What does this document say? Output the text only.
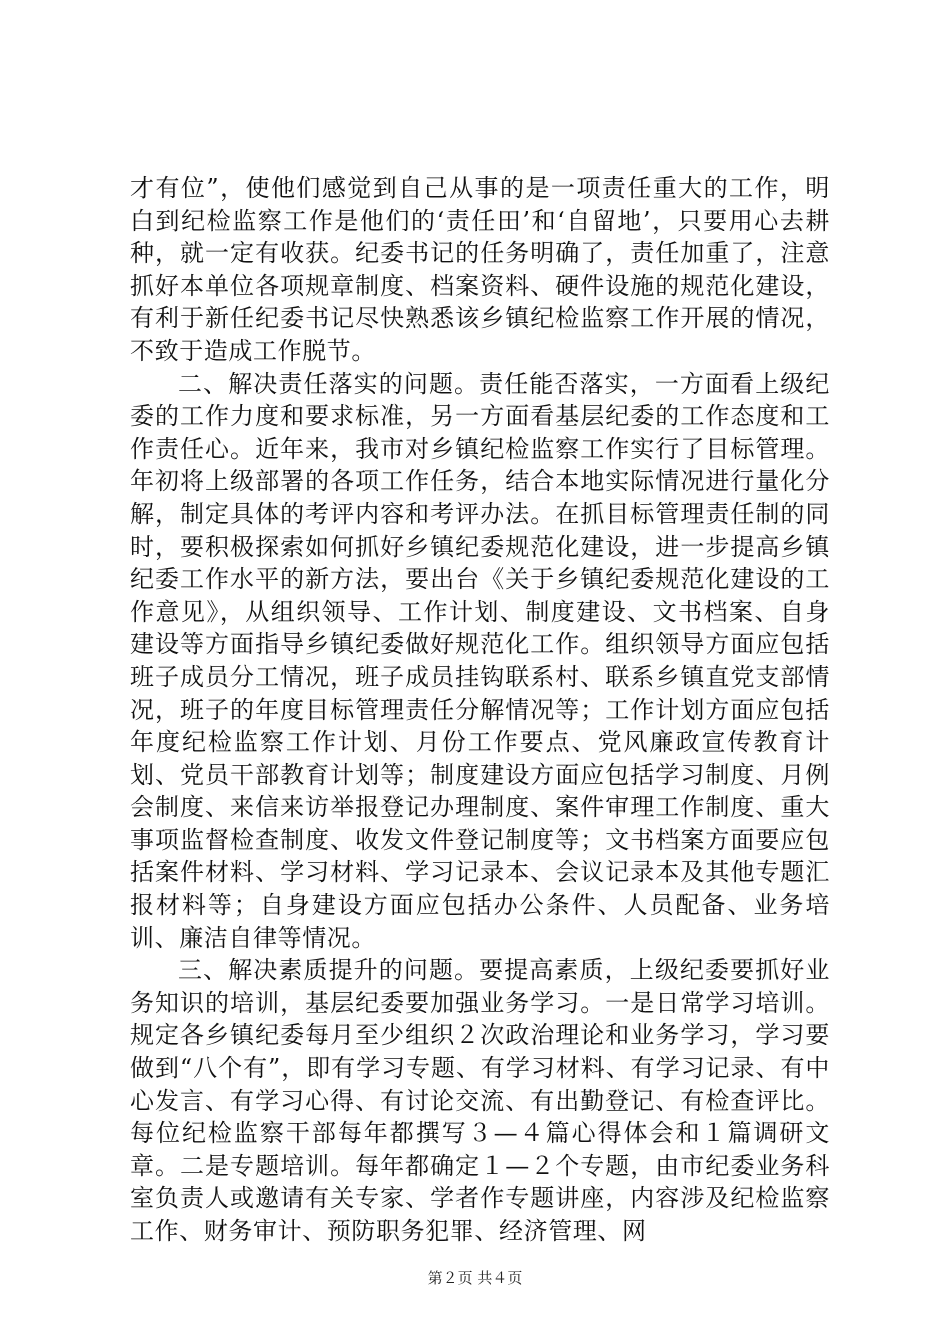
才有位”，使他们感觉到自己从事的是一项责任重大的工作，明白到纪检监察工作是他们的‘责任田’和‘自留地’，只要用心去耕种，就一定有收获。纪委书记的任务明确了，责任加重了，注意抓好本单位各项规章制度、档案资料、硬件设施的规范化建设，有利于新任纪委书记尽快熟悉该乡镇纪检监察工作开展的情况，不致于造成工作脱节。

二、解决责任落实的问题。责任能否落实，一方面看上级纪委的工作力度和要求标准，另一方面看基层纪委的工作态度和工作责任心。近年来，我市对乡镇纪检监察工作实行了目标管理。年初将上级部署的各项工作任务，结合本地实际情况进行量化分解，制定具体的考评内容和考评办法。在抓目标管理责任制的同时，要积极探索如何抓好乡镇纪委规范化建设，进一步提高乡镇纪委工作水平的新方法，要出台《关于乡镇纪委规范化建设的工作意见》，从组织领导、工作计划、制度建设、文书档案、自身建设等方面指导乡镇纪委做好规范化工作。组织领导方面应包括班子成员分工情况，班子成员挂钩联系村、联系乡镇直党支部情况，班子的年度目标管理责任分解情况等；工作计划方面应包括年度纪检监察工作计划、月份工作要点、党风廉政宣传教育计划、党员干部教育计划等；制度建设方面应包括学习制度、月例会制度、来信来访举报登记办理制度、案件审理工作制度、重大事项监督检查制度、收发文件登记制度等；文书档案方面要应包括案件材料、学习材料、学习记录本、会议记录本及其他专题汇报材料等；自身建设方面应包括办公条件、人员配备、业务培训、廉洁自律等情况。

三、解决素质提升的问题。要提高素质，上级纪委要抓好业务知识的培训，基层纪委要加强业务学习。一是日常学习培训。规定各乡镇纪委每月至少组织２次政治理论和业务学习，学习要做到“八个有”，即有学习专题、有学习材料、有学习记录、有中心发言、有学习心得、有讨论交流、有出勤登记、有检查评比。每位纪检监察干部每年都撰写３—４篇心得体会和１篇调研文章。二是专题培训。每年都确定１—２个专题，由市纪委业务科室负责人或邀请有关专家、学者作专题讲座，内容涉及纪检监察工作、财务审计、预防职务犯罪、经济管理、网

第２页 共４页
